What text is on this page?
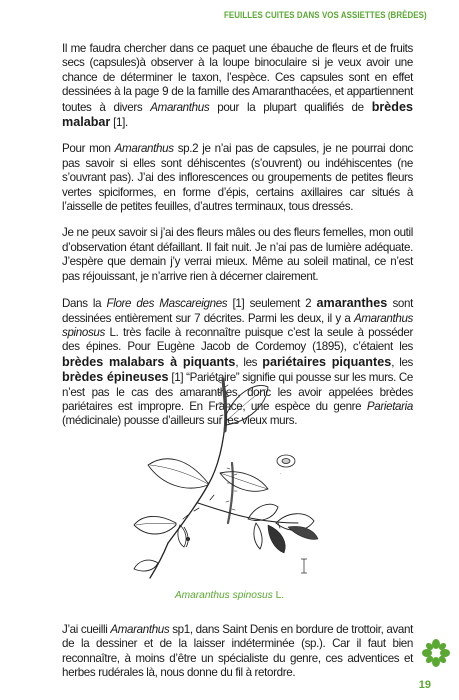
FEUILLES CUITES DANS VOS ASSIETTES (BRÈDES)

Il me faudra chercher dans ce paquet une ébauche de fleurs et de fruits secs (capsules)à observer à la loupe binoculaire si je veux avoir une chance de déterminer le taxon, l’espèce. Ces capsules sont en effet dessinées à la page 9 de la famille des Amaranthacées, et appartiennent toutes à divers Amaranthus pour la plupart qualifiés de brèdes malabar [1].

Pour mon Amaranthus sp.2 je n’ai pas de capsules, je ne pourrai donc pas savoir si elles sont déhiscentes (s’ouvrent) ou indéhiscentes (ne s’ouvrant pas). J’ai des inflorescences ou groupements de petites fleurs vertes spiciformes, en forme d’épis, certains axillaires car situés à l’aisselle de petites feuilles, d’autres terminaux, tous dressés.

Je ne peux savoir si j’ai des fleurs mâles ou des fleurs femelles, mon outil d’observation étant défaillant. Il fait nuit. Je n’ai pas de lumière adéquate. J’espère que demain j’y verrai mieux. Même au soleil matinal, ce n’est pas réjouissant, je n’arrive rien à décerner clairement.

Dans la Flore des Mascareignes [1] seulement 2 amaranthes sont dessinées entièrement sur 7 décrites. Parmi les deux, il y a Amaranthus spinosus L. très facile à reconnaître puisque c’est la seule à posséder des épines. Pour Eugène Jacob de Cordemoy (1895), c’étaient les brèdes malabars à piquants, les pariétaires piquantes, les brèdes épineuses [1] “Pariétaire” signifie qui pousse sur les murs. Ce n’est pas le cas des amaranthes, donc les avoir appelées brèdes pariétaires est impropre. En France, une espèce du genre Parietaria (médicinale) pousse d’ailleurs sur les vieux murs.

·
Amaranthus spinosus L.

J’ai cueilli Amaranthus sp1, dans Saint Denis en bordure de trottoir, avant de la dessiner et de la laisser indéterminée (sp.). Car il faut bien reconnaître, à moins d’être un spécialiste du genre, ces adventices et herbes rudérales là, nous donne du fil à retordre.

19
